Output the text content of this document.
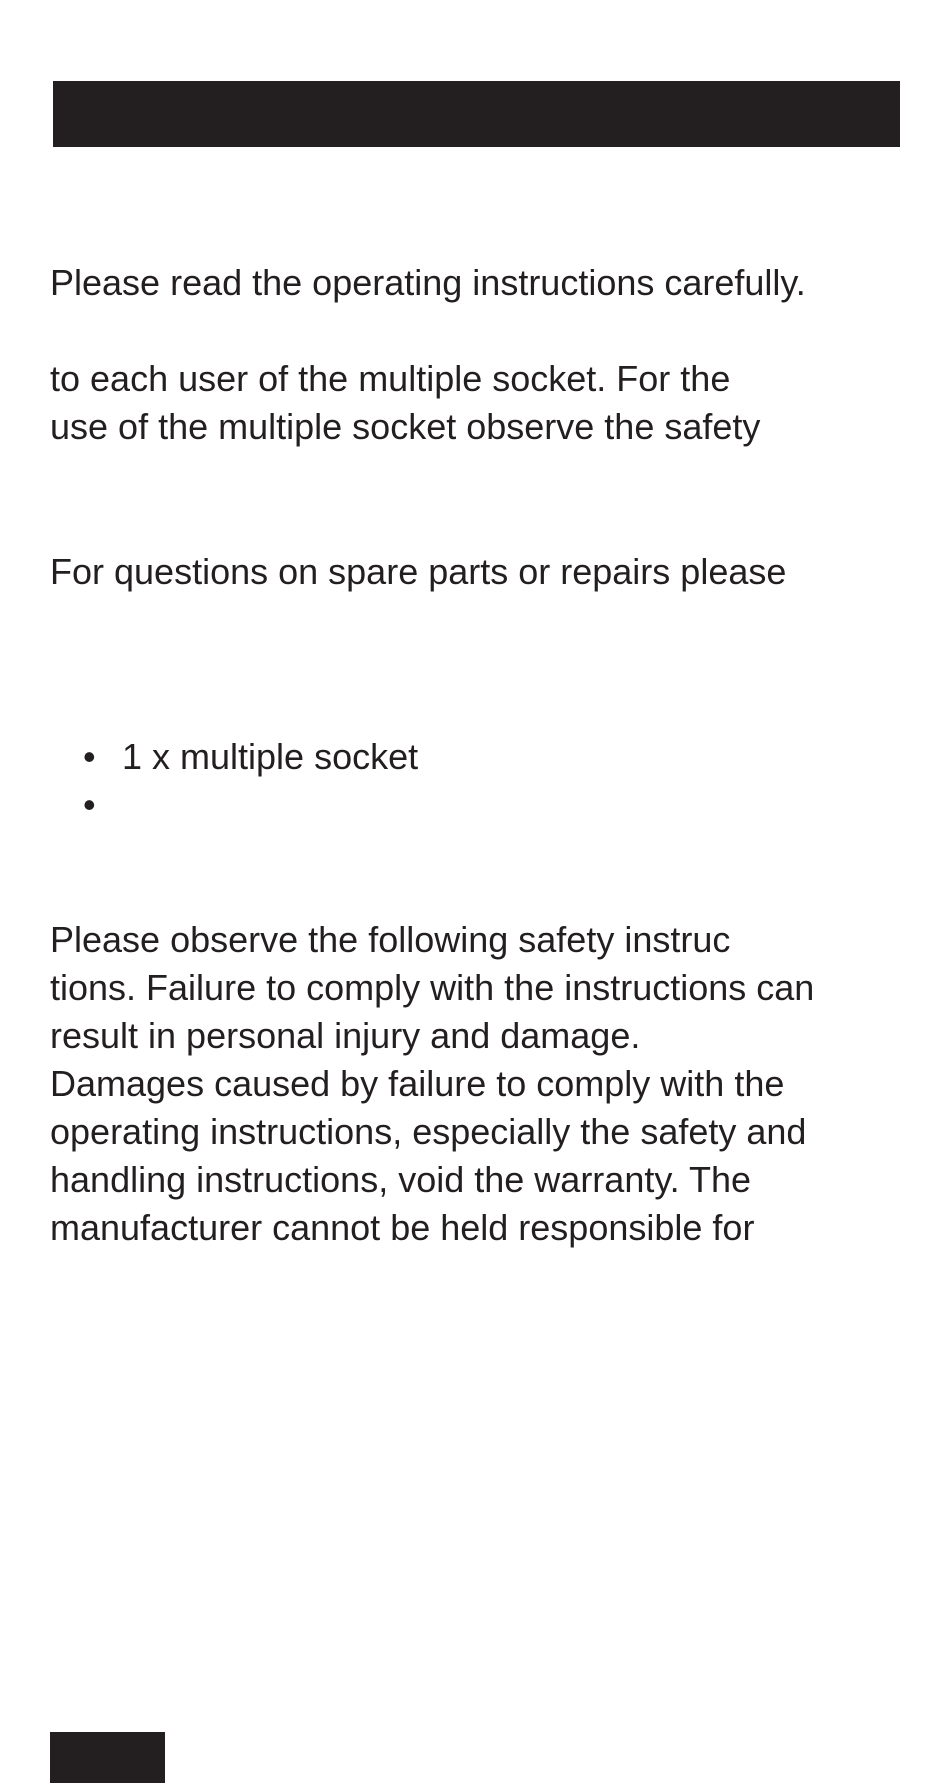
Please read the operating instructions carefully.

to each user of the multiple socket. For the
use of the multiple socket observe the safety

For questions on spare parts or repairs please

• 1 x multiple socket
•

Please observe the following safety instruc
tions. Failure to comply with the instructions can
result in personal injury and damage.
Damages caused by failure to comply with the
operating instructions, especially the safety and
handling instructions, void the warranty. The
manufacturer cannot be held responsible for
